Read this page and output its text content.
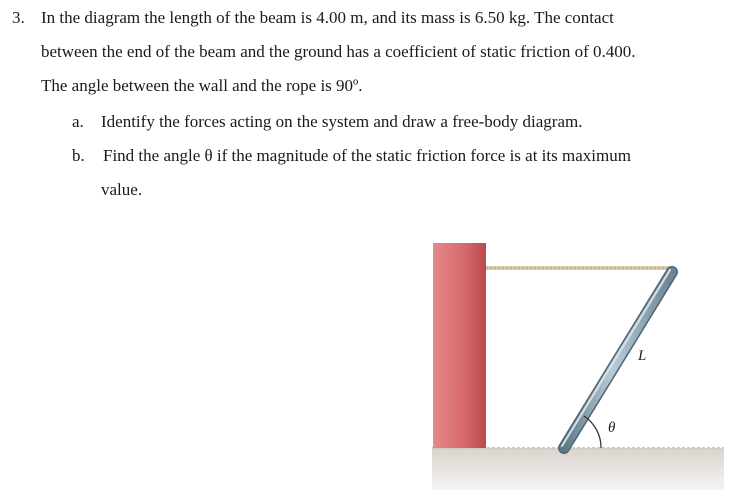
3. In the diagram the length of the beam is 4.00 m, and its mass is 6.50 kg. The contact
between the end of the beam and the ground has a coefficient of static friction of 0.400.
The angle between the wall and the rope is 90º.
a. Identify the forces acting on the system and draw a free-body diagram.
b. Find the angle θ if the magnitude of the static friction force is at its maximum
value.
L
θ
